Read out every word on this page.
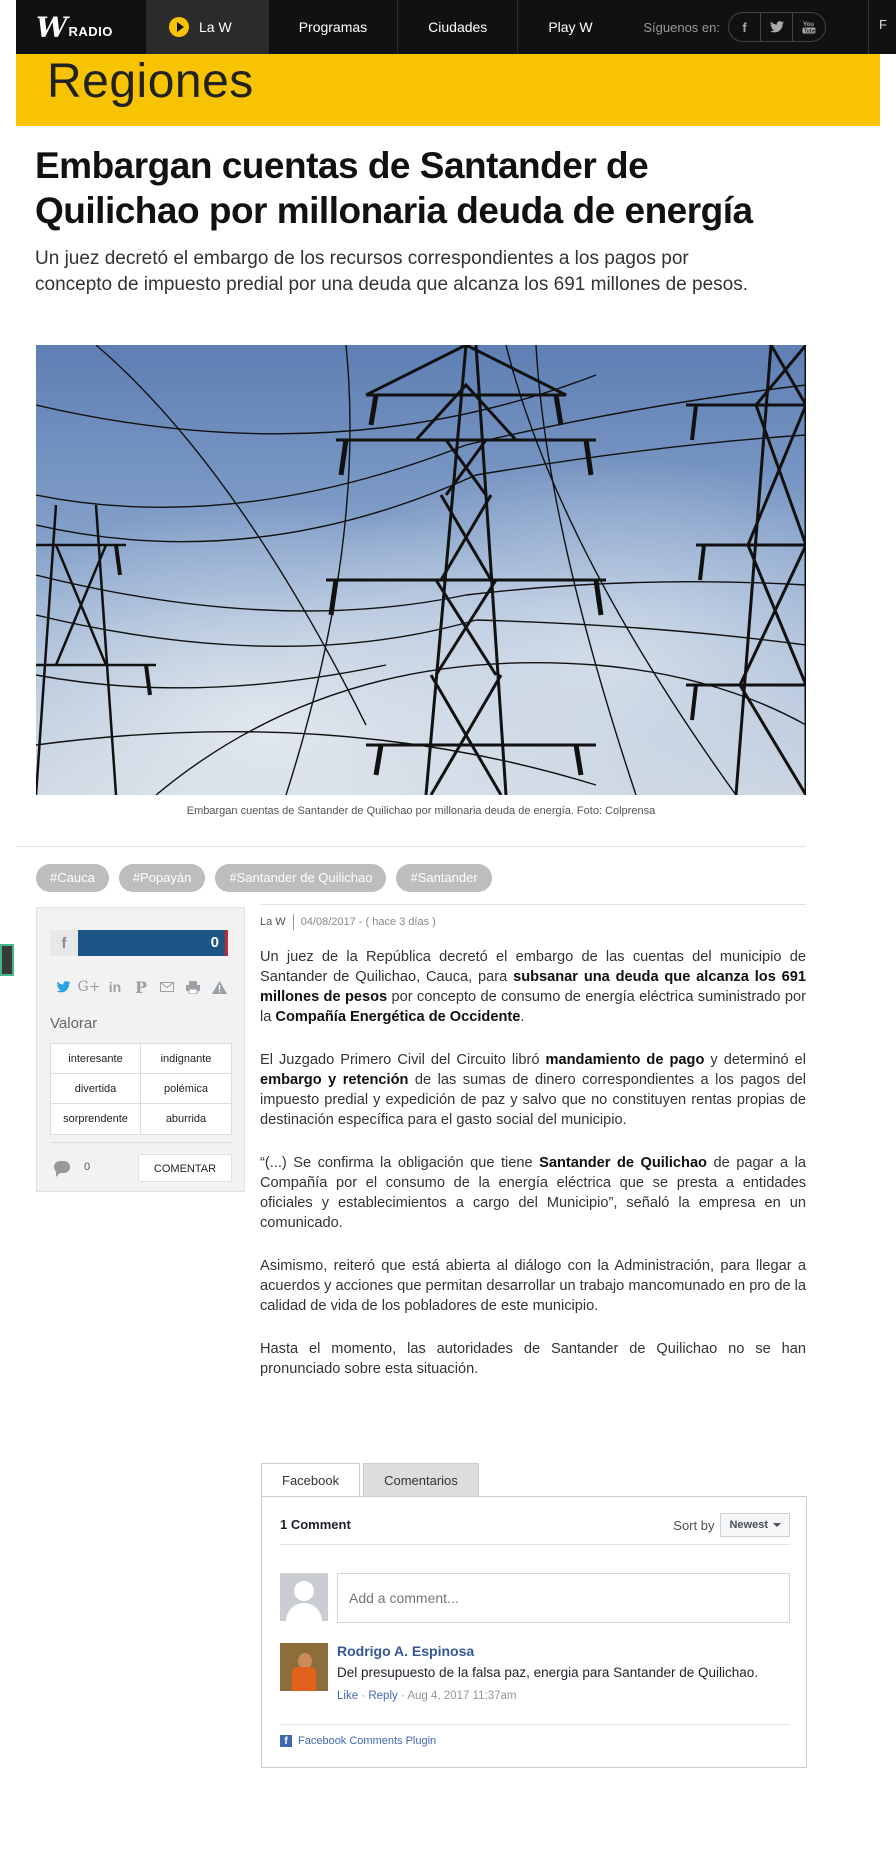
W RADIO	La W	Programas	Ciudades	Play W	Síguenos en:	f	You
Tube	F
Regiones
Embargan cuentas de Santander de Quilichao por millonaria deuda de energía

Un juez decretó el embargo de los recursos correspondientes a los pagos por concepto de impuesto predial por una deuda que alcanza los 691 millones de pesos.

Embargan cuentas de Santander de Quilichao por millonaria deuda de energía. Foto: Colprensa

#Cauca	#Popayán	#Santander de Quilichao	#Santander
f	0
G+ in P
Valorar
interesante	indignante
divertida	polémica
sorprendente	aburrida
0	COMENTAR
La W 04/08/2017 - ( hace 3 días )

Un juez de la República decretó el embargo de las cuentas del municipio de Santander de Quilichao, Cauca, para subsanar una deuda que alcanza los 691 millones de pesos por concepto de consumo de energía eléctrica suministrado por la Compañía Energética de Occidente.

El Juzgado Primero Civil del Circuito libró mandamiento de pago y determinó el embargo y retención de las sumas de dinero correspondientes a los pagos del impuesto predial y expedición de paz y salvo que no constituyen rentas propias de destinación específica para el gasto social del municipio.

“(...) Se confirma la obligación que tiene Santander de Quilichao de pagar a la Compañía por el consumo de la energía eléctrica que se presta a entidades oficiales y establecimientos a cargo del Municipio”, señaló la empresa en un comunicado.

Asimismo, reiteró que está abierta al diálogo con la Administración, para llegar a acuerdos y acciones que permitan desarrollar un trabajo mancomunado en pro de la calidad de vida de los pobladores de este municipio.

Hasta el momento, las autoridades de Santander de Quilichao no se han pronunciado sobre esta situación.

Facebook	Comentarios
1 Comment	Sort by Newest
Add a comment...
Rodrigo A. Espinosa
Del presupuesto de la falsa paz, energia para Santander de Quilichao.
Like · Reply · Aug 4, 2017 11:37am
f Facebook Comments Plugin
